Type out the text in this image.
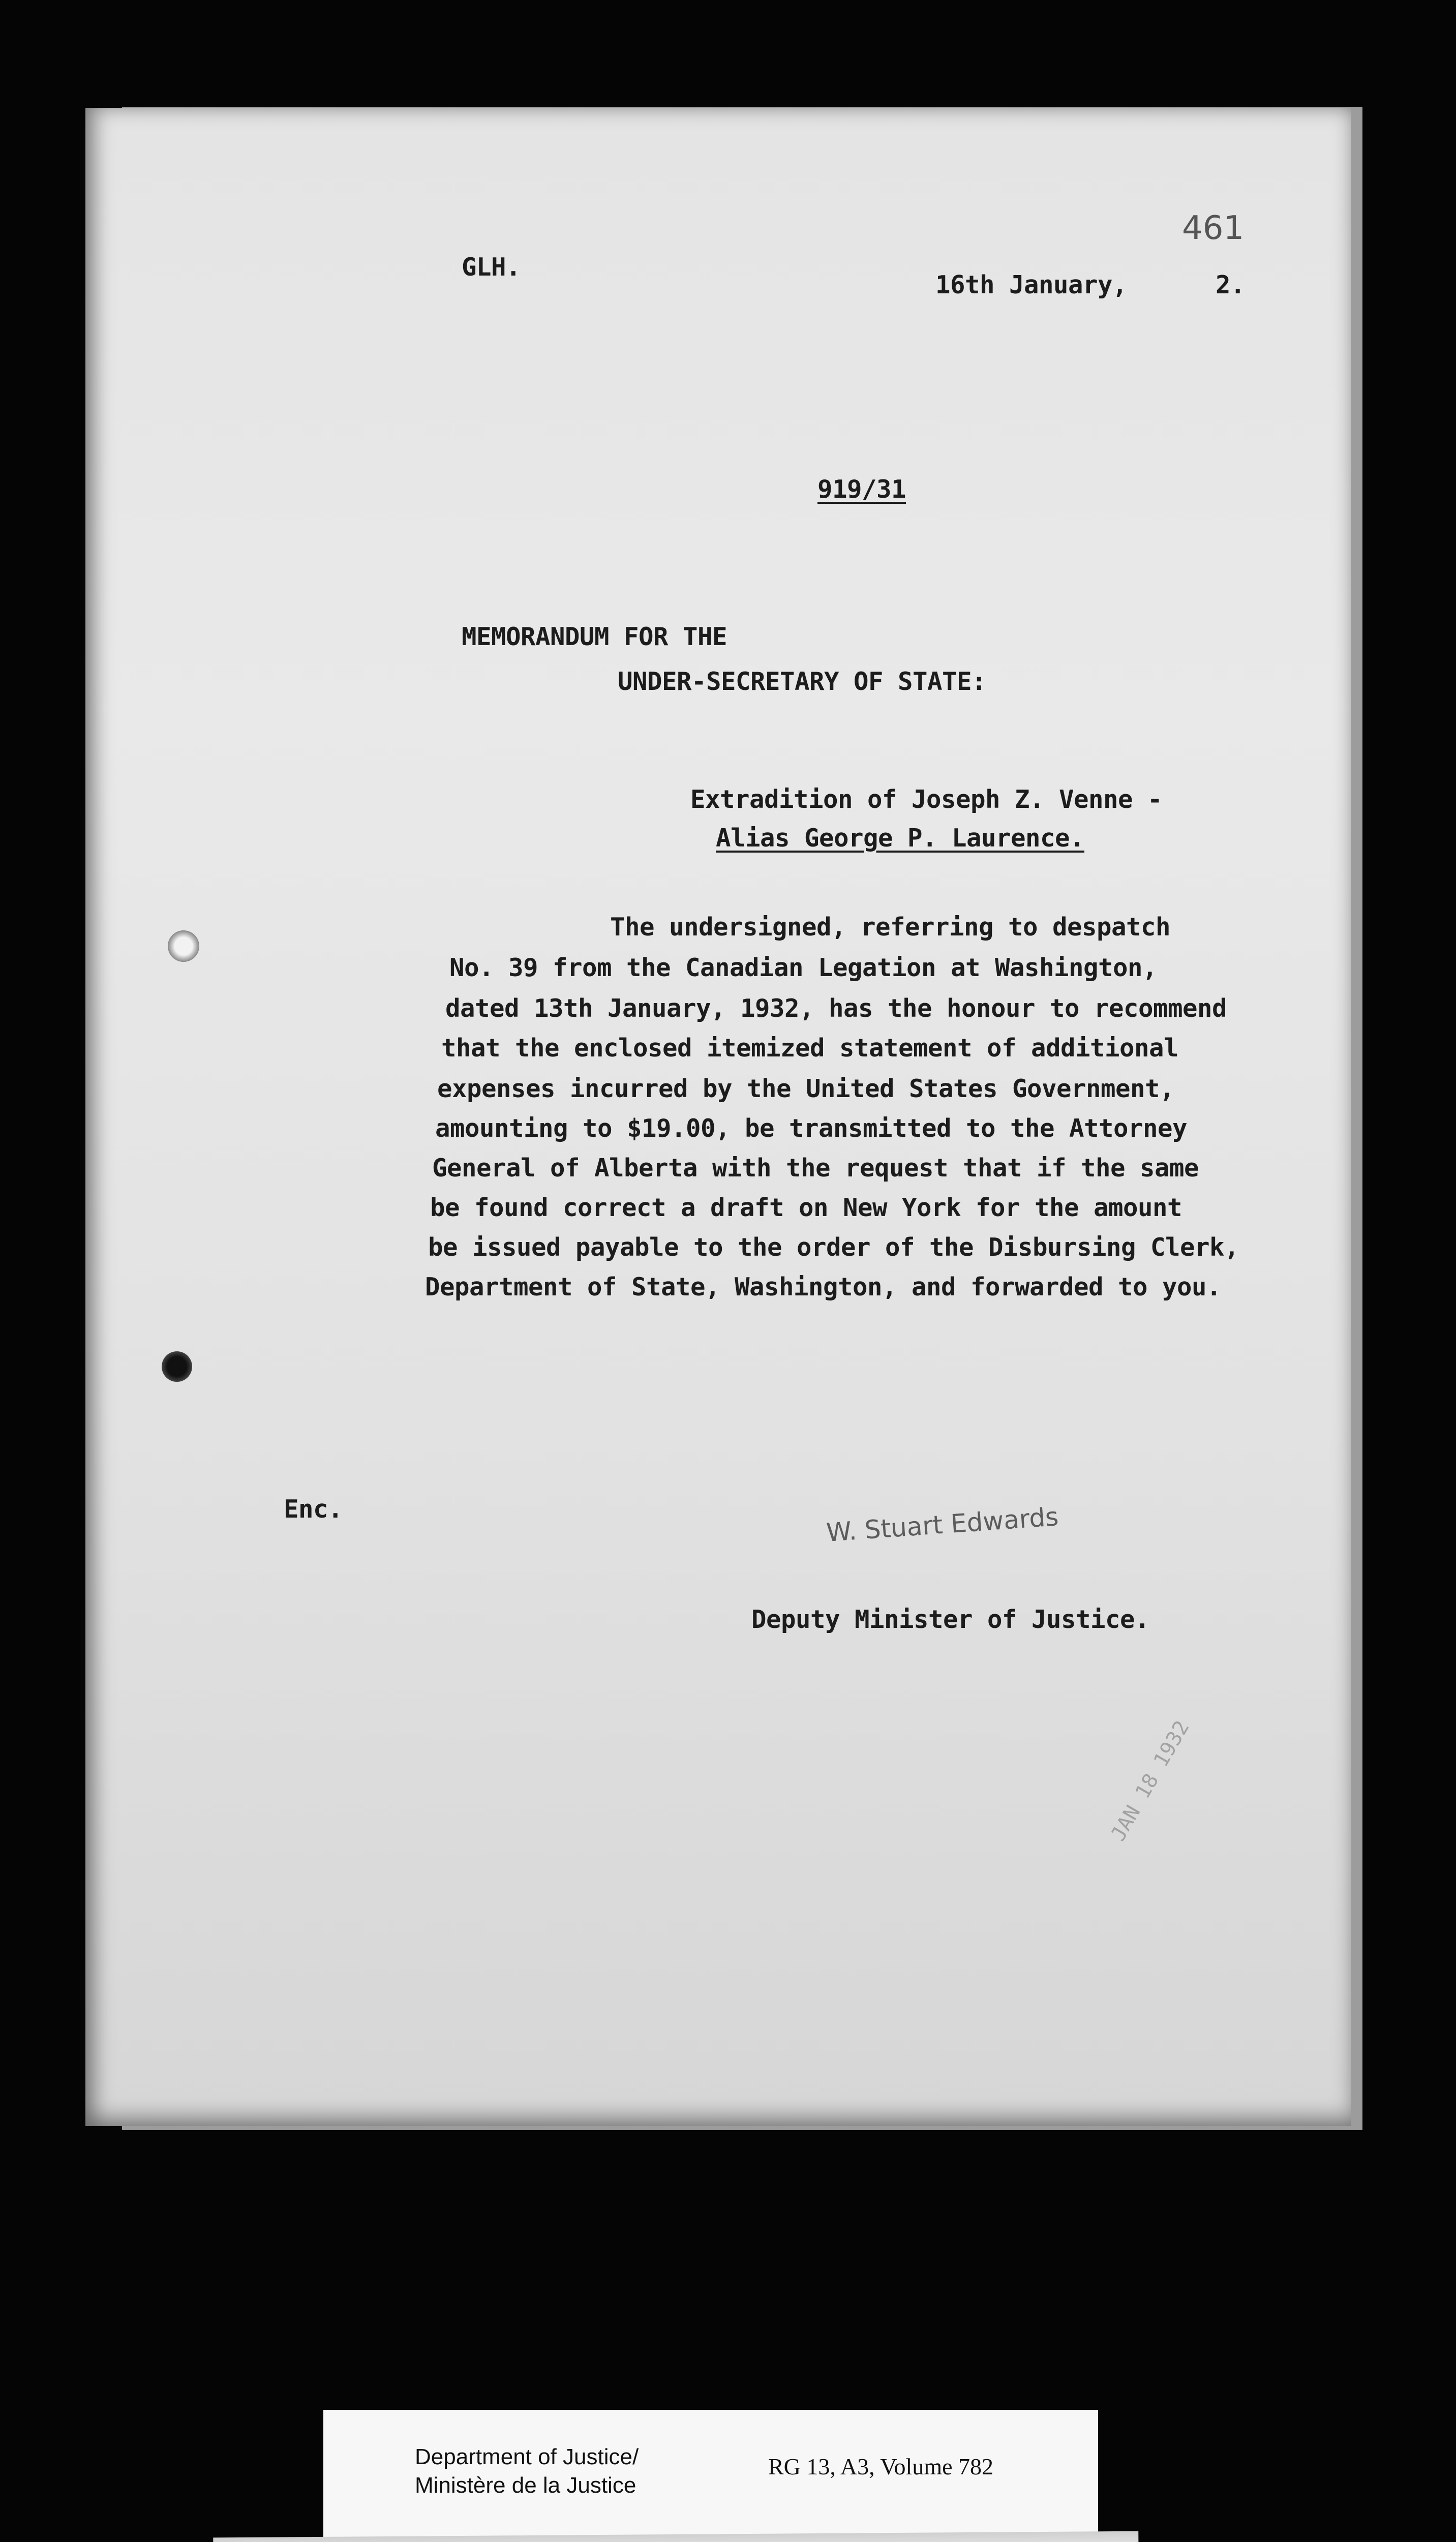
461
GLH.
16th January,      2.
919/31
MEMORANDUM FOR THE
UNDER-SECRETARY OF STATE:
Extradition of Joseph Z. Venne -
Alias George P. Laurence.
Enc.
Deputy Minister of Justice.
The undersigned, referring to despatch
No. 39 from the Canadian Legation at Washington,
dated 13th January, 1932, has the honour to recommend
that the enclosed itemized statement of additional
expenses incurred by the United States Government,
amounting to $19.00, be transmitted to the Attorney
General of Alberta with the request that if the same
be found correct a draft on New York for the amount
be issued payable to the order of the Disbursing Clerk,
Department of State, Washington, and forwarded to you.
W. Stuart Edwards
JAN 18 1932
Department of Justice/
Ministère de la Justice
RG 13, A3, Volume 782
